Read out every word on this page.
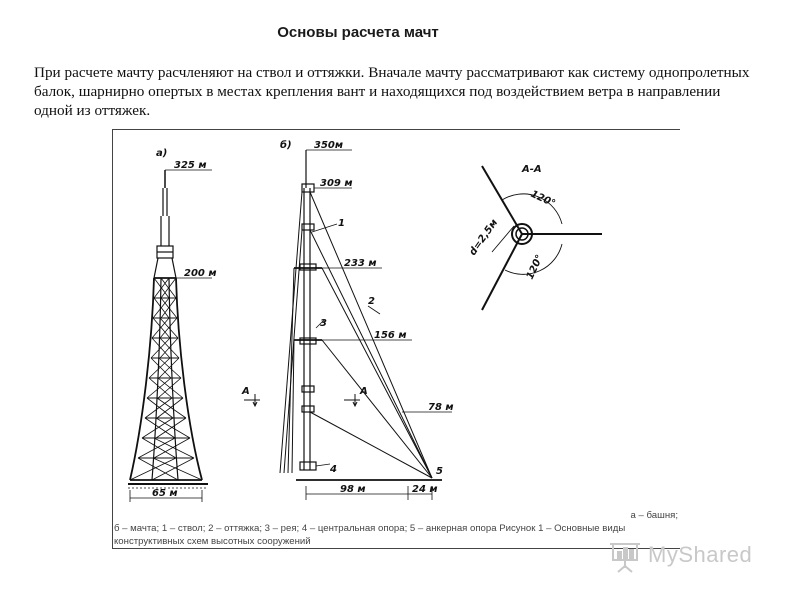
Основы расчета мачт

При расчете мачту расчленяют на ствол и оттяжки. Вначале мачту рассматривают как систему однопролетных балок, шарнирно опертых в местах крепления вант и находящихся под воздействием ветра в направлении одной из оттяжек.

а)
325 м
200 м
65 м
б) 350м
309 м
233 м
156 м
78 м
98 м	24 м
1
2
3
4	5
А	А
А-А
120°
120°
d=2,5м
а – башня;
б – мачта; 1 – ствол; 2 – оттяжка; 3 – рея; 4 – центральная опора; 5 – анкерная опора Рисунок 1 – Основные виды конструктивных схем высотных сооружений
MyShared
